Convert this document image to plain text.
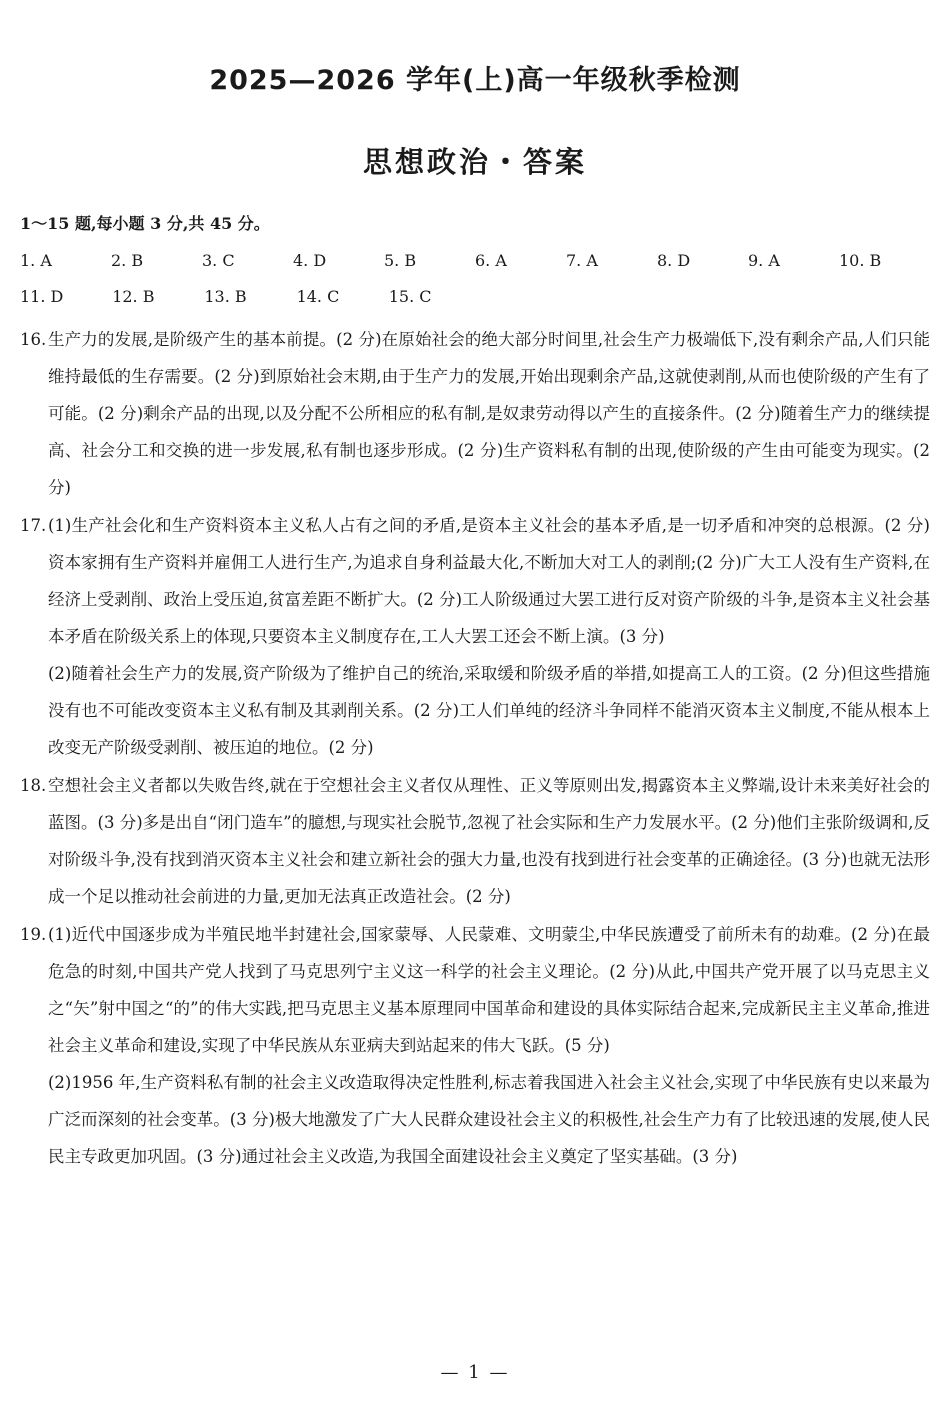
2025—2026 学年(上)高一年级秋季检测
思想政治・答案
1～15 题,每小题 3 分,共 45 分。
1. A	2. B	3. C	4. D	5. B	6. A	7. A	8. D	9. A	10. B
11. D	12. B	13. B	14. C	15. C
16. 生产力的发展,是阶级产生的基本前提。(2 分)在原始社会的绝大部分时间里,社会生产力极端低下,没有剩余产品,人们只能维持最低的生存需要。(2 分)到原始社会末期,由于生产力的发展,开始出现剩余产品,这就使剥削,从而也使阶级的产生有了可能。(2 分)剩余产品的出现,以及分配不公所相应的私有制,是奴隶劳动得以产生的直接条件。(2 分)随着生产力的继续提高、社会分工和交换的进一步发展,私有制也逐步形成。(2 分)生产资料私有制的出现,使阶级的产生由可能变为现实。(2 分)

17. (1)生产社会化和生产资料资本主义私人占有之间的矛盾,是资本主义社会的基本矛盾,是一切矛盾和冲突的总根源。(2 分)资本家拥有生产资料并雇佣工人进行生产,为追求自身利益最大化,不断加大对工人的剥削;(2 分)广大工人没有生产资料,在经济上受剥削、政治上受压迫,贫富差距不断扩大。(2 分)工人阶级通过大罢工进行反对资产阶级的斗争,是资本主义社会基本矛盾在阶级关系上的体现,只要资本主义制度存在,工人大罢工还会不断上演。(3 分)

(2)随着社会生产力的发展,资产阶级为了维护自己的统治,采取缓和阶级矛盾的举措,如提高工人的工资。(2 分)但这些措施没有也不可能改变资本主义私有制及其剥削关系。(2 分)工人们单纯的经济斗争同样不能消灭资本主义制度,不能从根本上改变无产阶级受剥削、被压迫的地位。(2 分)

18. 空想社会主义者都以失败告终,就在于空想社会主义者仅从理性、正义等原则出发,揭露资本主义弊端,设计未来美好社会的蓝图。(3 分)多是出自“闭门造车”的臆想,与现实社会脱节,忽视了社会实际和生产力发展水平。(2 分)他们主张阶级调和,反对阶级斗争,没有找到消灭资本主义社会和建立新社会的强大力量,也没有找到进行社会变革的正确途径。(3 分)也就无法形成一个足以推动社会前进的力量,更加无法真正改造社会。(2 分)

19. (1)近代中国逐步成为半殖民地半封建社会,国家蒙辱、人民蒙难、文明蒙尘,中华民族遭受了前所未有的劫难。(2 分)在最危急的时刻,中国共产党人找到了马克思列宁主义这一科学的社会主义理论。(2 分)从此,中国共产党开展了以马克思主义之“矢”射中国之“的”的伟大实践,把马克思主义基本原理同中国革命和建设的具体实际结合起来,完成新民主主义革命,推进社会主义革命和建设,实现了中华民族从东亚病夫到站起来的伟大飞跃。(5 分)

(2)1956 年,生产资料私有制的社会主义改造取得决定性胜利,标志着我国进入社会主义社会,实现了中华民族有史以来最为广泛而深刻的社会变革。(3 分)极大地激发了广大人民群众建设社会主义的积极性,社会生产力有了比较迅速的发展,使人民民主专政更加巩固。(3 分)通过社会主义改造,为我国全面建设社会主义奠定了坚实基础。(3 分)

— 1 —
